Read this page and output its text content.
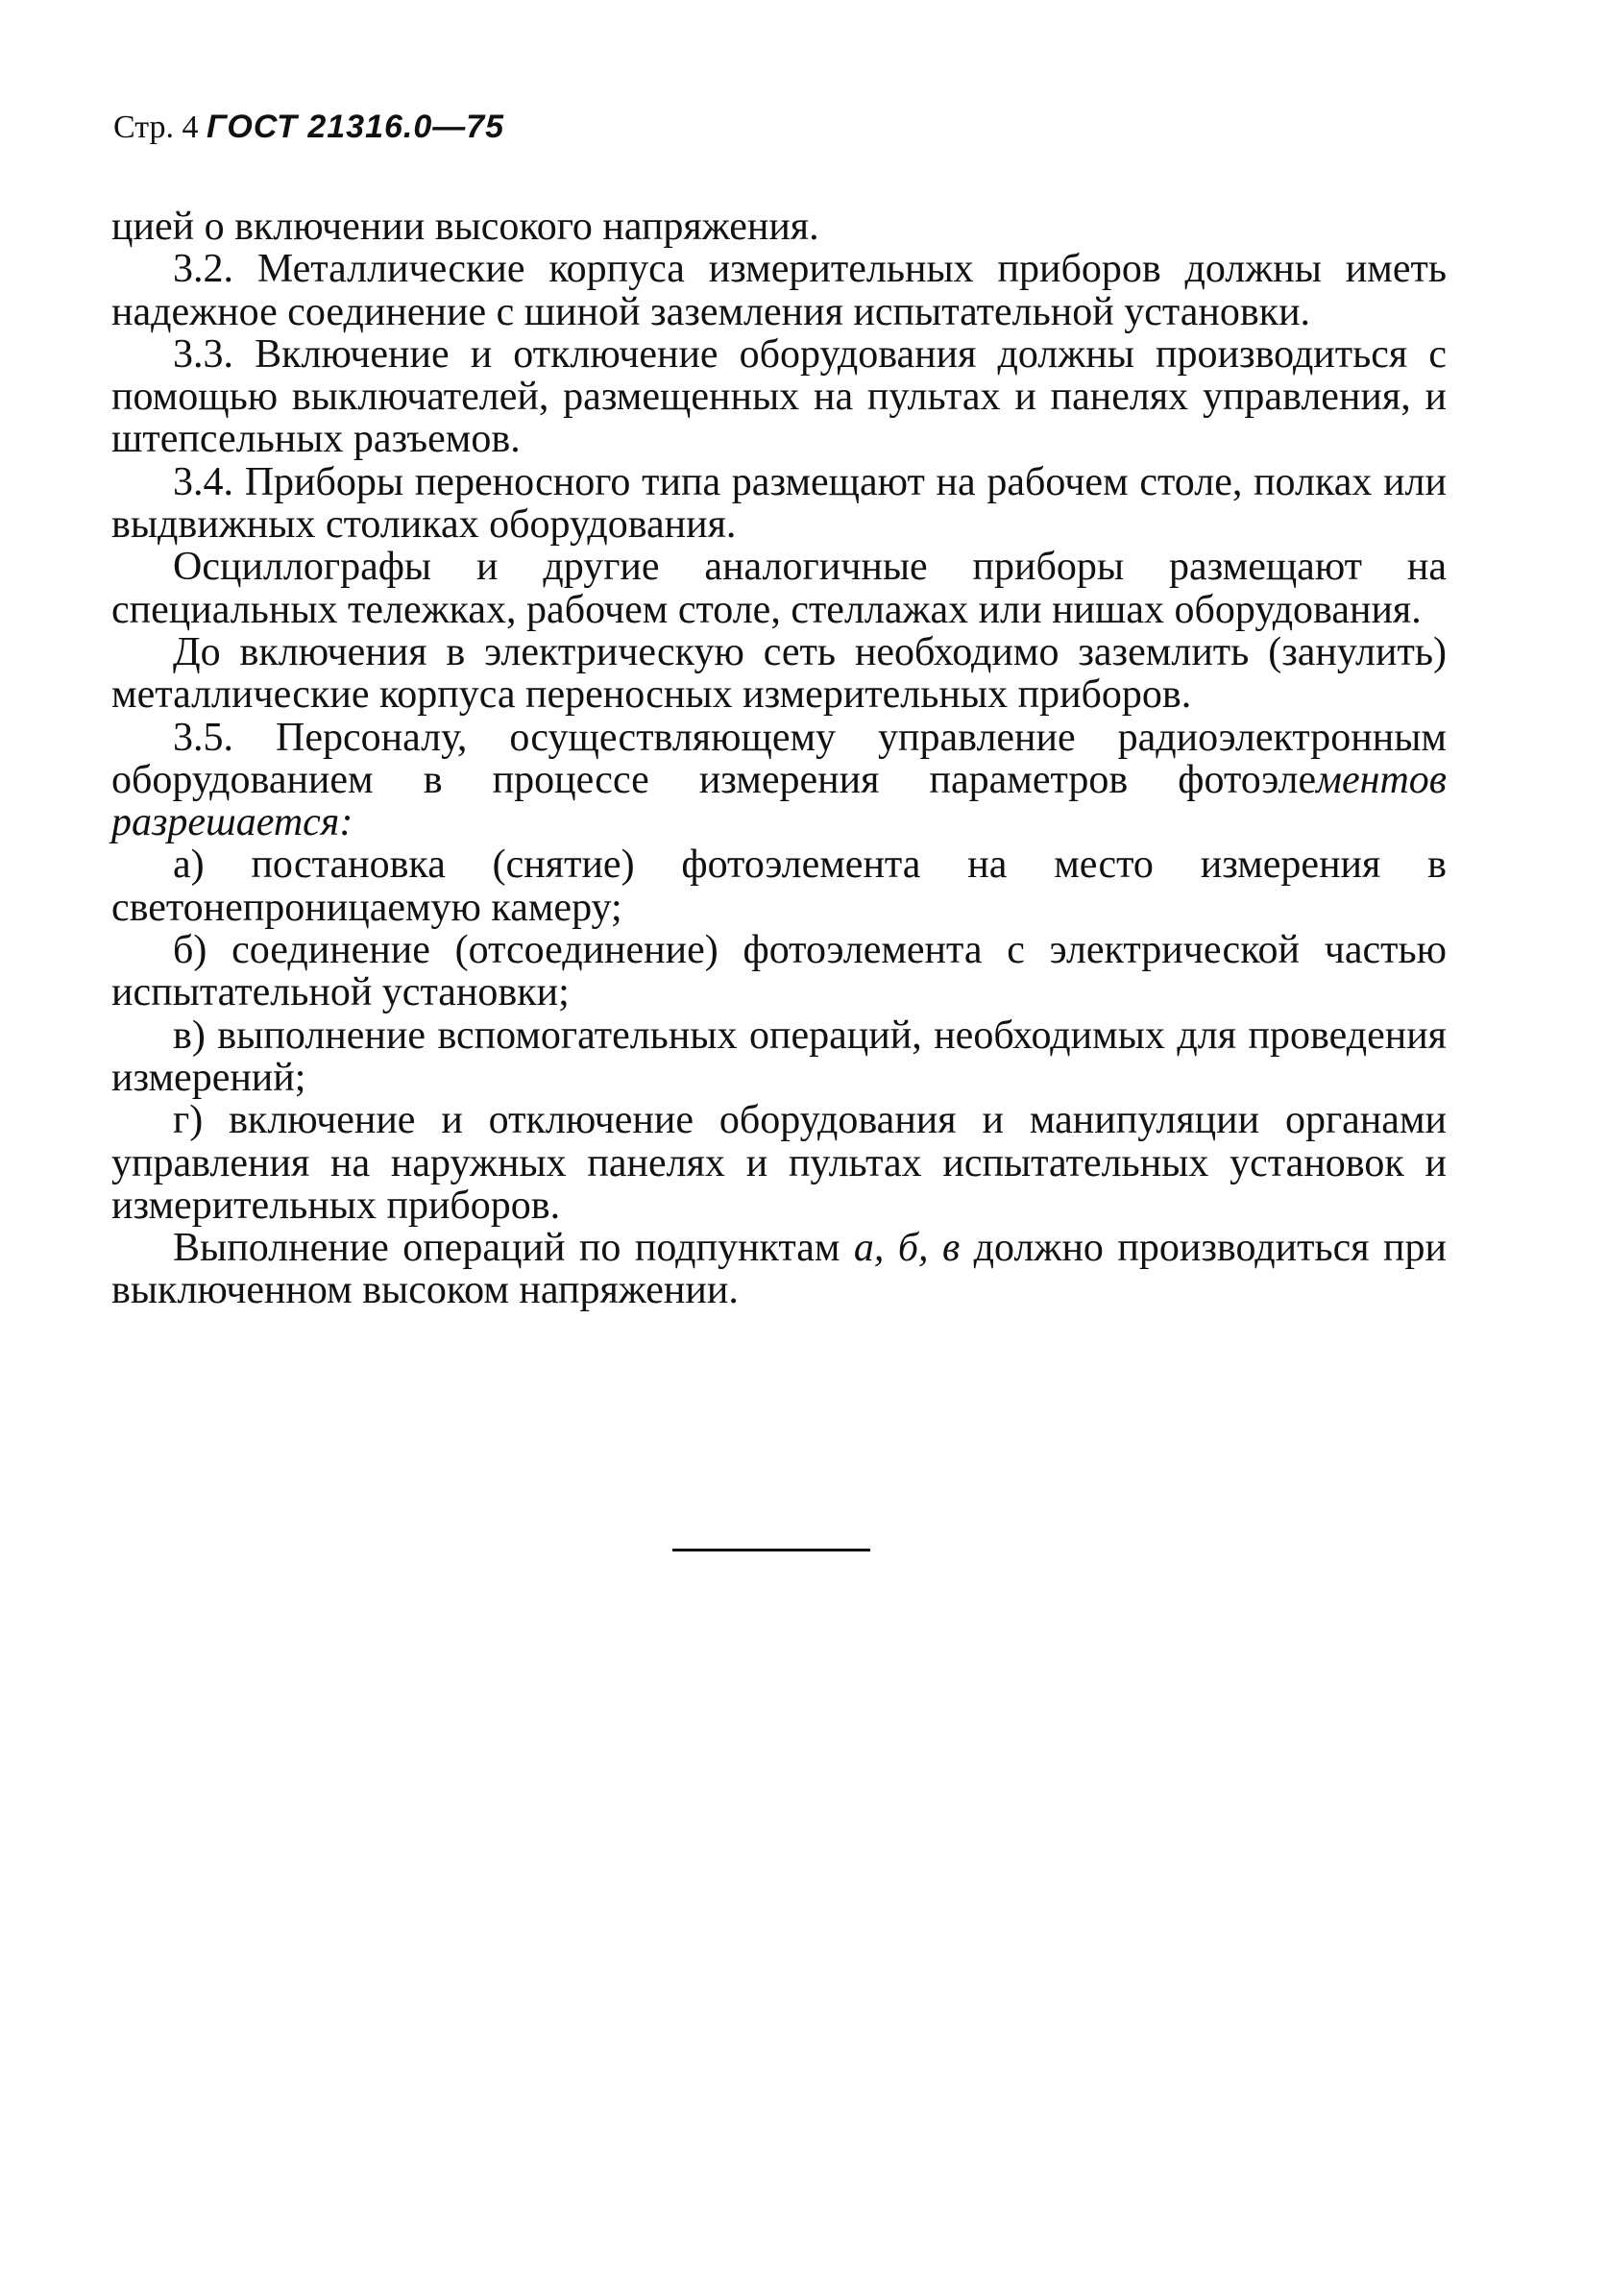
Стр. 4 ГОСТ 21316.0—75

цией о включении высокого напряжения.

3.2. Металлические корпуса измерительных приборов должны иметь надежное соединение с шиной заземления испытательной установки.

3.3. Включение и отключение оборудования должны производиться с помощью выключателей, размещенных на пультах и панелях управления, и штепсельных разъемов.

3.4. Приборы переносного типа размещают на рабочем столе, полках или выдвижных столиках оборудования.

Осциллографы и другие аналогичные приборы размещают на специальных тележках, рабочем столе, стеллажах или нишах оборудования.

До включения в электрическую сеть необходимо заземлить (занулить) металлические корпуса переносных измерительных приборов.

3.5. Персоналу, осуществляющему управление радиоэлектронным оборудованием в процессе измерения параметров фотоэлементов разрешается:

а) постановка (снятие) фотоэлемента на место измерения в светонепроницаемую камеру;

б) соединение (отсоединение) фотоэлемента с электрической частью испытательной установки;

в) выполнение вспомогательных операций, необходимых для проведения измерений;

г) включение и отключение оборудования и манипуляции органами управления на наружных панелях и пультах испытательных установок и измерительных приборов.

Выполнение операций по подпунктам а, б, в должно производиться при выключенном высоком напряжении.
